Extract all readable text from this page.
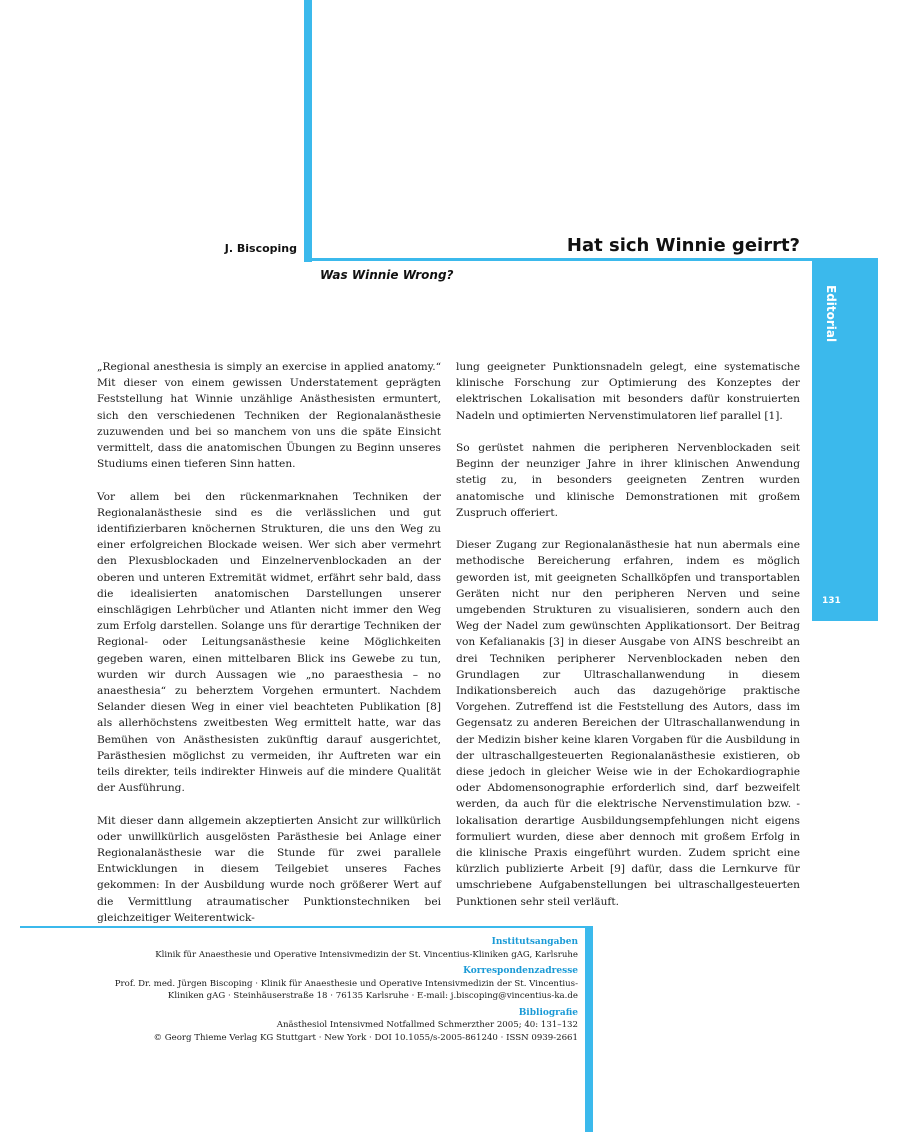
J. Biscoping	Hat sich Winnie geirrt?
Was Winnie Wrong?
Editorial
131

„Regional anesthesia is simply an exercise in applied anatomy.“ Mit dieser von einem gewissen Understatement geprägten Feststellung hat Winnie unzählige Anästhesisten ermuntert, sich den verschiedenen Techniken der Regionalanästhesie zuzuwenden und bei so manchem von uns die späte Einsicht vermittelt, dass die anatomischen Übungen zu Beginn unseres Studiums einen tieferen Sinn hatten.

Vor allem bei den rückenmarknahen Techniken der Regionalanästhesie sind es die verlässlichen und gut identifizierbaren knöchernen Strukturen, die uns den Weg zu einer erfolgreichen Blockade weisen. Wer sich aber vermehrt den Plexusblockaden und Einzelnervenblockaden an der oberen und unteren Extremität widmet, erfährt sehr bald, dass die idealisierten anatomischen Darstellungen unserer einschlägigen Lehrbücher und Atlanten nicht immer den Weg zum Erfolg darstellen. Solange uns für derartige Techniken der Regional- oder Leitungsanästhesie keine Möglichkeiten gegeben waren, einen mittelbaren Blick ins Gewebe zu tun, wurden wir durch Aussagen wie „no paraesthesia – no anaesthesia“ zu beherztem Vorgehen ermuntert. Nachdem Selander diesen Weg in einer viel beachteten Publikation [8] als allerhöchstens zweitbesten Weg ermittelt hatte, war das Bemühen von Anästhesisten zukünftig darauf ausgerichtet, Parästhesien möglichst zu vermeiden, ihr Auftreten war ein teils direkter, teils indirekter Hinweis auf die mindere Qualität der Ausführung.

Mit dieser dann allgemein akzeptierten Ansicht zur willkürlich oder unwillkürlich ausgelösten Parästhesie bei Anlage einer Regionalanästhesie war die Stunde für zwei parallele Entwicklungen in diesem Teilgebiet unseres Faches gekommen: In der Ausbildung wurde noch größerer Wert auf die Vermittlung atraumatischer Punktionstechniken bei gleichzeitiger Weiterentwick-

lung geeigneter Punktionsnadeln gelegt, eine systematische klinische Forschung zur Optimierung des Konzeptes der elektrischen Lokalisation mit besonders dafür konstruierten Nadeln und optimierten Nervenstimulatoren lief parallel [1].

So gerüstet nahmen die peripheren Nervenblockaden seit Beginn der neunziger Jahre in ihrer klinischen Anwendung stetig zu, in besonders geeigneten Zentren wurden anatomische und klinische Demonstrationen mit großem Zuspruch offeriert.

Dieser Zugang zur Regionalanästhesie hat nun abermals eine methodische Bereicherung erfahren, indem es möglich geworden ist, mit geeigneten Schallköpfen und transportablen Geräten nicht nur den peripheren Nerven und seine umgebenden Strukturen zu visualisieren, sondern auch den Weg der Nadel zum gewünschten Applikationsort. Der Beitrag von Kefalianakis [3] in dieser Ausgabe von AINS beschreibt an drei Techniken peripherer Nervenblockaden neben den Grundlagen zur Ultraschallanwendung in diesem Indikationsbereich auch das dazugehörige praktische Vorgehen. Zutreffend ist die Feststellung des Autors, dass im Gegensatz zu anderen Bereichen der Ultraschallanwendung in der Medizin bisher keine klaren Vorgaben für die Ausbildung in der ultraschallgesteuerten Regionalanästhesie existieren, ob diese jedoch in gleicher Weise wie in der Echokardiographie oder Abdomensonographie erforderlich sind, darf bezweifelt werden, da auch für die elektrische Nervenstimulation bzw. -lokalisation derartige Ausbildungsempfehlungen nicht eigens formuliert wurden, diese aber dennoch mit großem Erfolg in die klinische Praxis eingeführt wurden. Zudem spricht eine kürzlich publizierte Arbeit [9] dafür, dass die Lernkurve für umschriebene Aufgabenstellungen bei ultraschallgesteuerten Punktionen sehr steil verläuft.

Institutsangaben
Klinik für Anaesthesie und Operative Intensivmedizin der St. Vincentius-Kliniken gAG, Karlsruhe
Korrespondenzadresse
Prof. Dr. med. Jürgen Biscoping · Klinik für Anaesthesie und Operative Intensivmedizin der St. Vincentius-
Kliniken gAG · Steinhäuserstraße 18 · 76135 Karlsruhe · E-mail: j.biscoping@vincentius-ka.de
Bibliografie
Anästhesiol Intensivmed Notfallmed Schmerzther 2005; 40: 131–132
© Georg Thieme Verlag KG Stuttgart · New York · DOI 10.1055/s-2005-861240 · ISSN 0939-2661
